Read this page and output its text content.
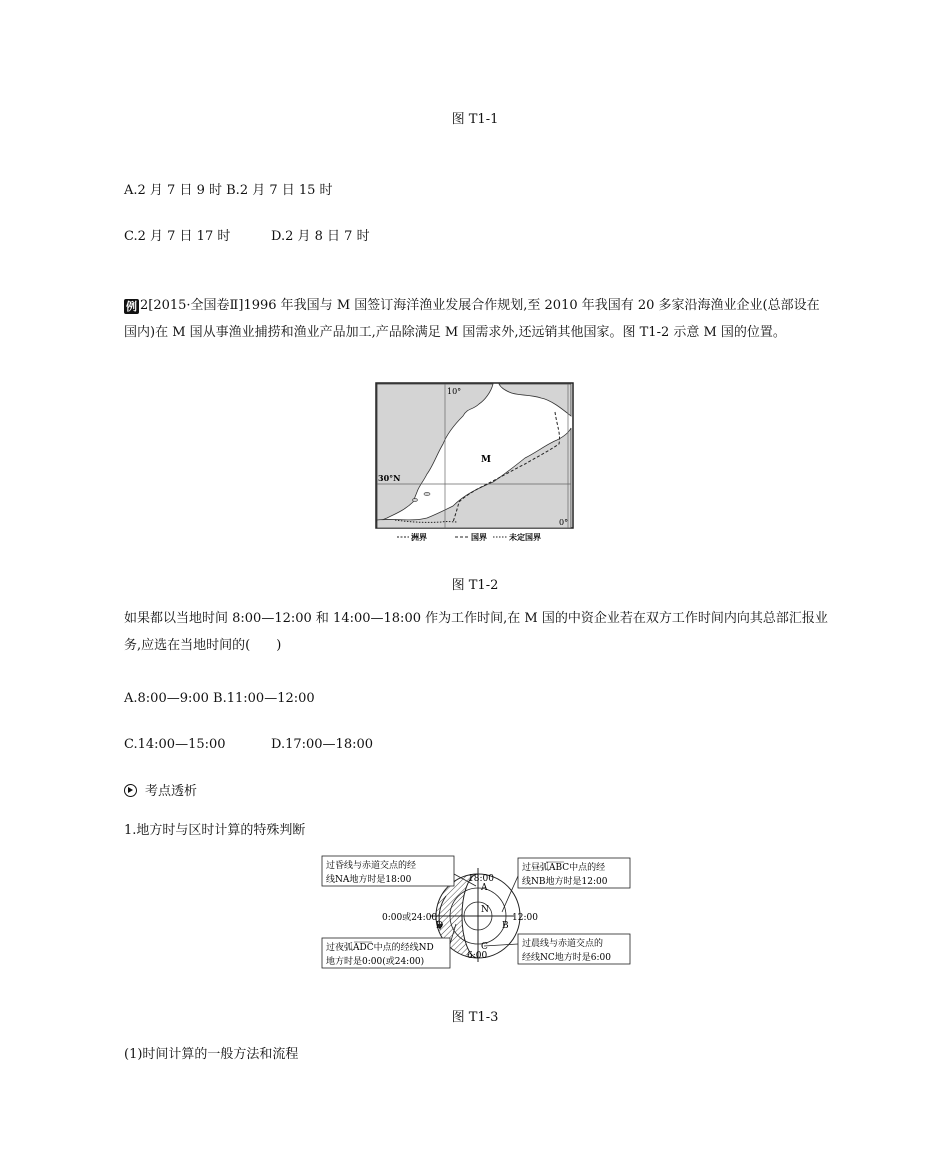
图 T1-1
A.2 月 7 日 9 时 B.2 月 7 日 15 时
C.2 月 7 日 17 时	D.2 月 8 日 7 时
例 2[2015·全国卷Ⅱ]1996 年我国与 M 国签订海洋渔业发展合作规划,至 2010 年我国有 20 多家沿海渔业企业(总部设在国内)在 M 国从事渔业捕捞和渔业产品加工,产品除满足 M 国需求外,还远销其他国家。图 T1-2 示意 M 国的位置。
10°
30°N
0°
M
洲界	国界	未定国界
图 T1-2
如果都以当地时间 8:00—12:00 和 14:00—18:00 作为工作时间,在 M 国的中资企业若在双方工作时间内向其总部汇报业务,应选在当地时间的(　　)
A.8:00—9:00 B.11:00—12:00
C.14:00—15:00	D.17:00—18:00
考点透析
1.地方时与区时计算的特殊判断
N
A
B
C
D
18:00
12:00
6:00
0:00或24:00
过昏线与赤道交点的经
线NA地方时是18:00
过昼弧ABC中点的经
线NB地方时是12:00
过夜弧ADC中点的经线ND
地方时是0:00(或24:00)
过晨线与赤道交点的
经线NC地方时是6:00
图 T1-3
(1)时间计算的一般方法和流程
